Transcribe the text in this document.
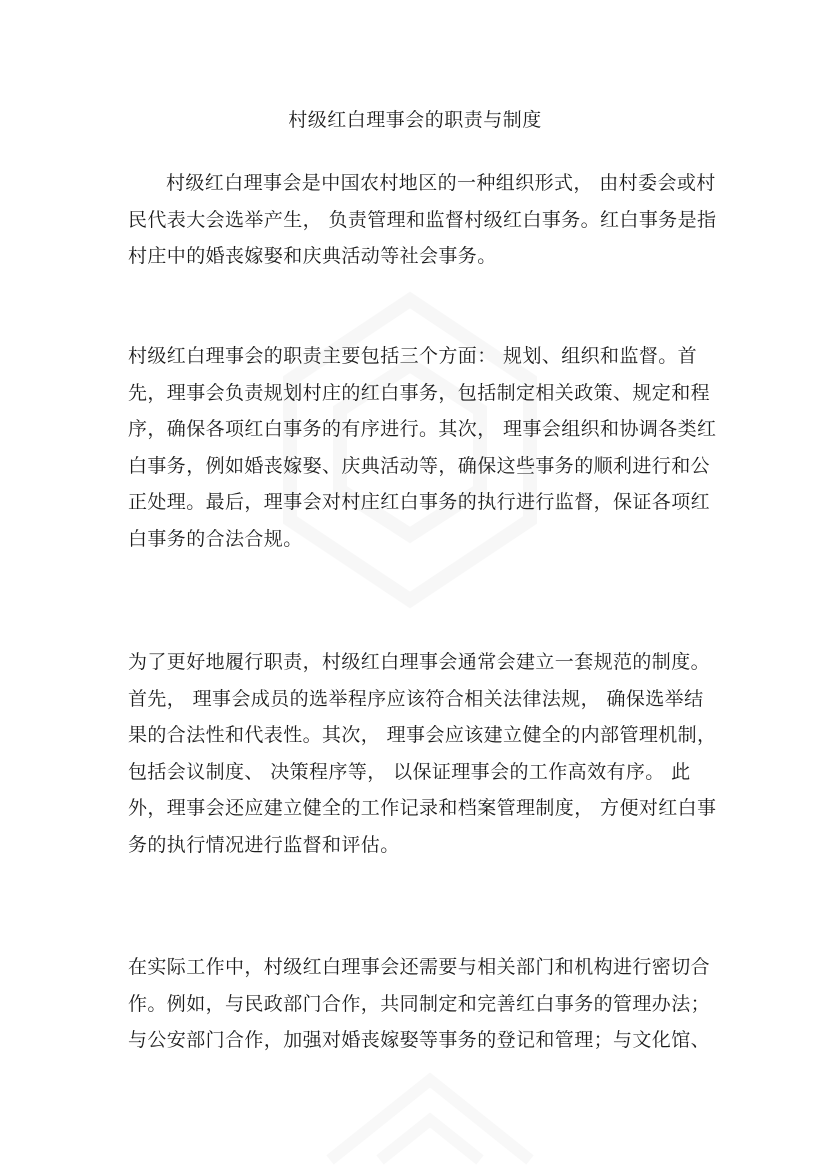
村级红白理事会的职责与制度

村级红白理事会是中国农村地区的一种组织形式， 由村委会或村民代表大会选举产生， 负责管理和监督村级红白事务。红白事务是指村庄中的婚丧嫁娶和庆典活动等社会事务。

村级红白理事会的职责主要包括三个方面： 规划、组织和监督。首先，理事会负责规划村庄的红白事务，包括制定相关政策、规定和程序，确保各项红白事务的有序进行。其次， 理事会组织和协调各类红白事务，例如婚丧嫁娶、庆典活动等，确保这些事务的顺利进行和公正处理。最后，理事会对村庄红白事务的执行进行监督，保证各项红白事务的合法合规。

为了更好地履行职责，村级红白理事会通常会建立一套规范的制度。首先， 理事会成员的选举程序应该符合相关法律法规， 确保选举结果的合法性和代表性。其次， 理事会应该建立健全的内部管理机制，包括会议制度、 决策程序等， 以保证理事会的工作高效有序。 此外，理事会还应建立健全的工作记录和档案管理制度， 方便对红白事务的执行情况进行监督和评估。

在实际工作中，村级红白理事会还需要与相关部门和机构进行密切合作。例如，与民政部门合作，共同制定和完善红白事务的管理办法；与公安部门合作，加强对婚丧嫁娶等事务的登记和管理；与文化馆、
